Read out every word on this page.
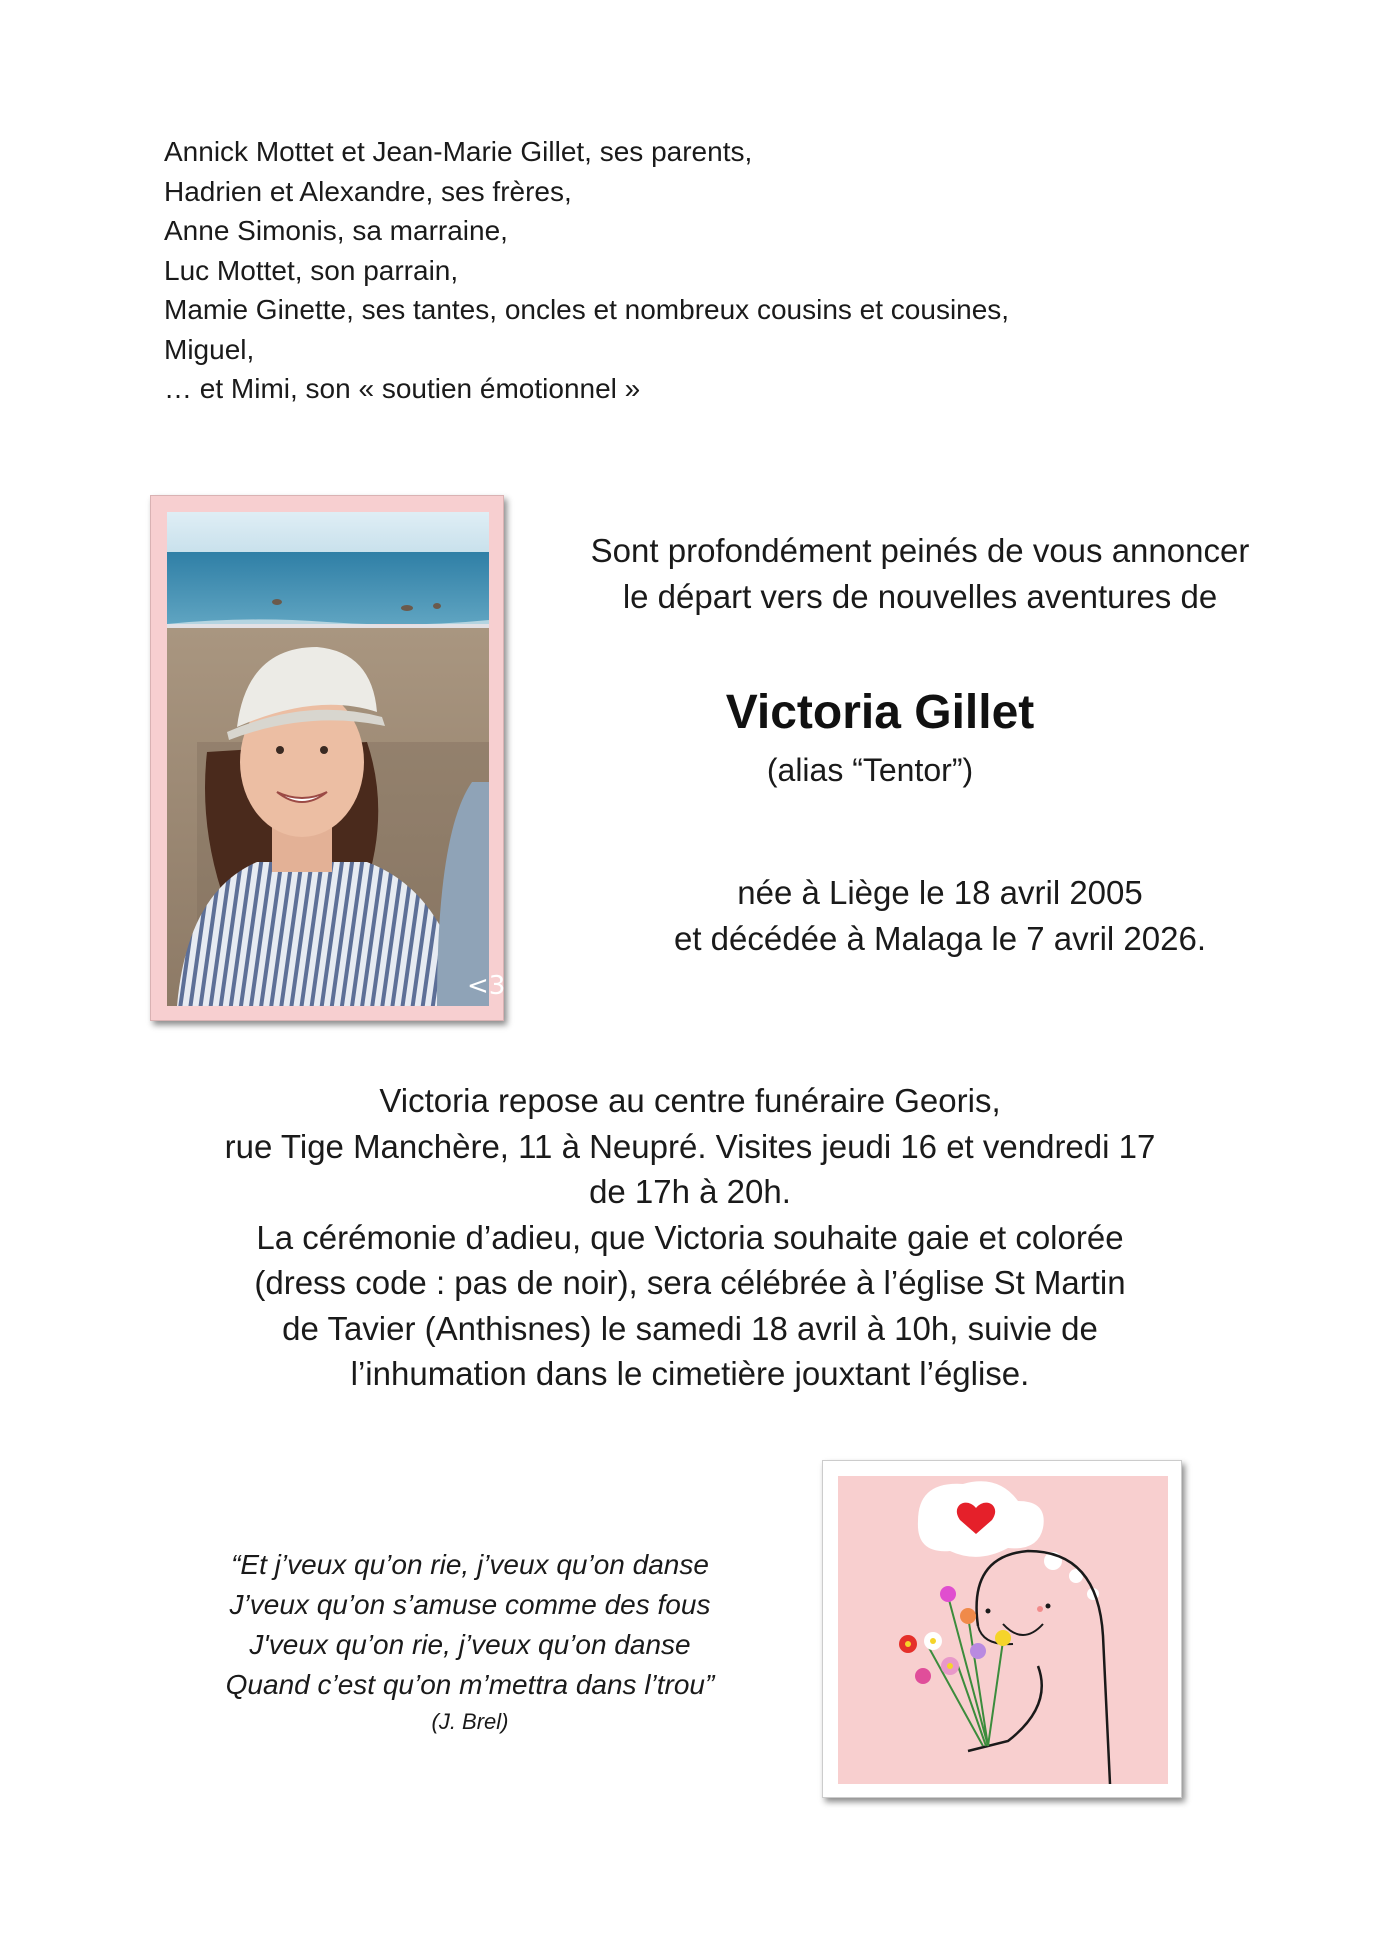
Annick Mottet et Jean-Marie Gillet, ses parents,
Hadrien et Alexandre, ses frères,
Anne Simonis, sa marraine,
Luc Mottet, son parrain,
Mamie Ginette, ses tantes, oncles et nombreux cousins et cousines,
Miguel,
… et Mimi, son « soutien émotionnel »
<3
Sont profondément peinés de vous annoncer
le départ vers de nouvelles aventures de
Victoria Gillet
(alias “Tentor”)
née à Liège le 18 avril 2005
et décédée à Malaga le 7 avril 2026.
Victoria repose au centre funéraire Georis,
rue Tige Manchère, 11 à Neupré. Visites jeudi 16 et vendredi 17
de 17h à 20h.
La cérémonie d’adieu, que Victoria souhaite gaie et colorée
(dress code : pas de noir), sera célébrée à l’église St Martin
de Tavier (Anthisnes) le samedi 18 avril à 10h, suivie de
l’inhumation dans le cimetière jouxtant l’église.
“Et j’veux qu’on rie, j’veux qu’on danse
J’veux qu’on s’amuse comme des fous
J'veux qu’on rie, j’veux qu’on danse
Quand c’est qu’on m’mettra dans l’trou”
(J. Brel)
